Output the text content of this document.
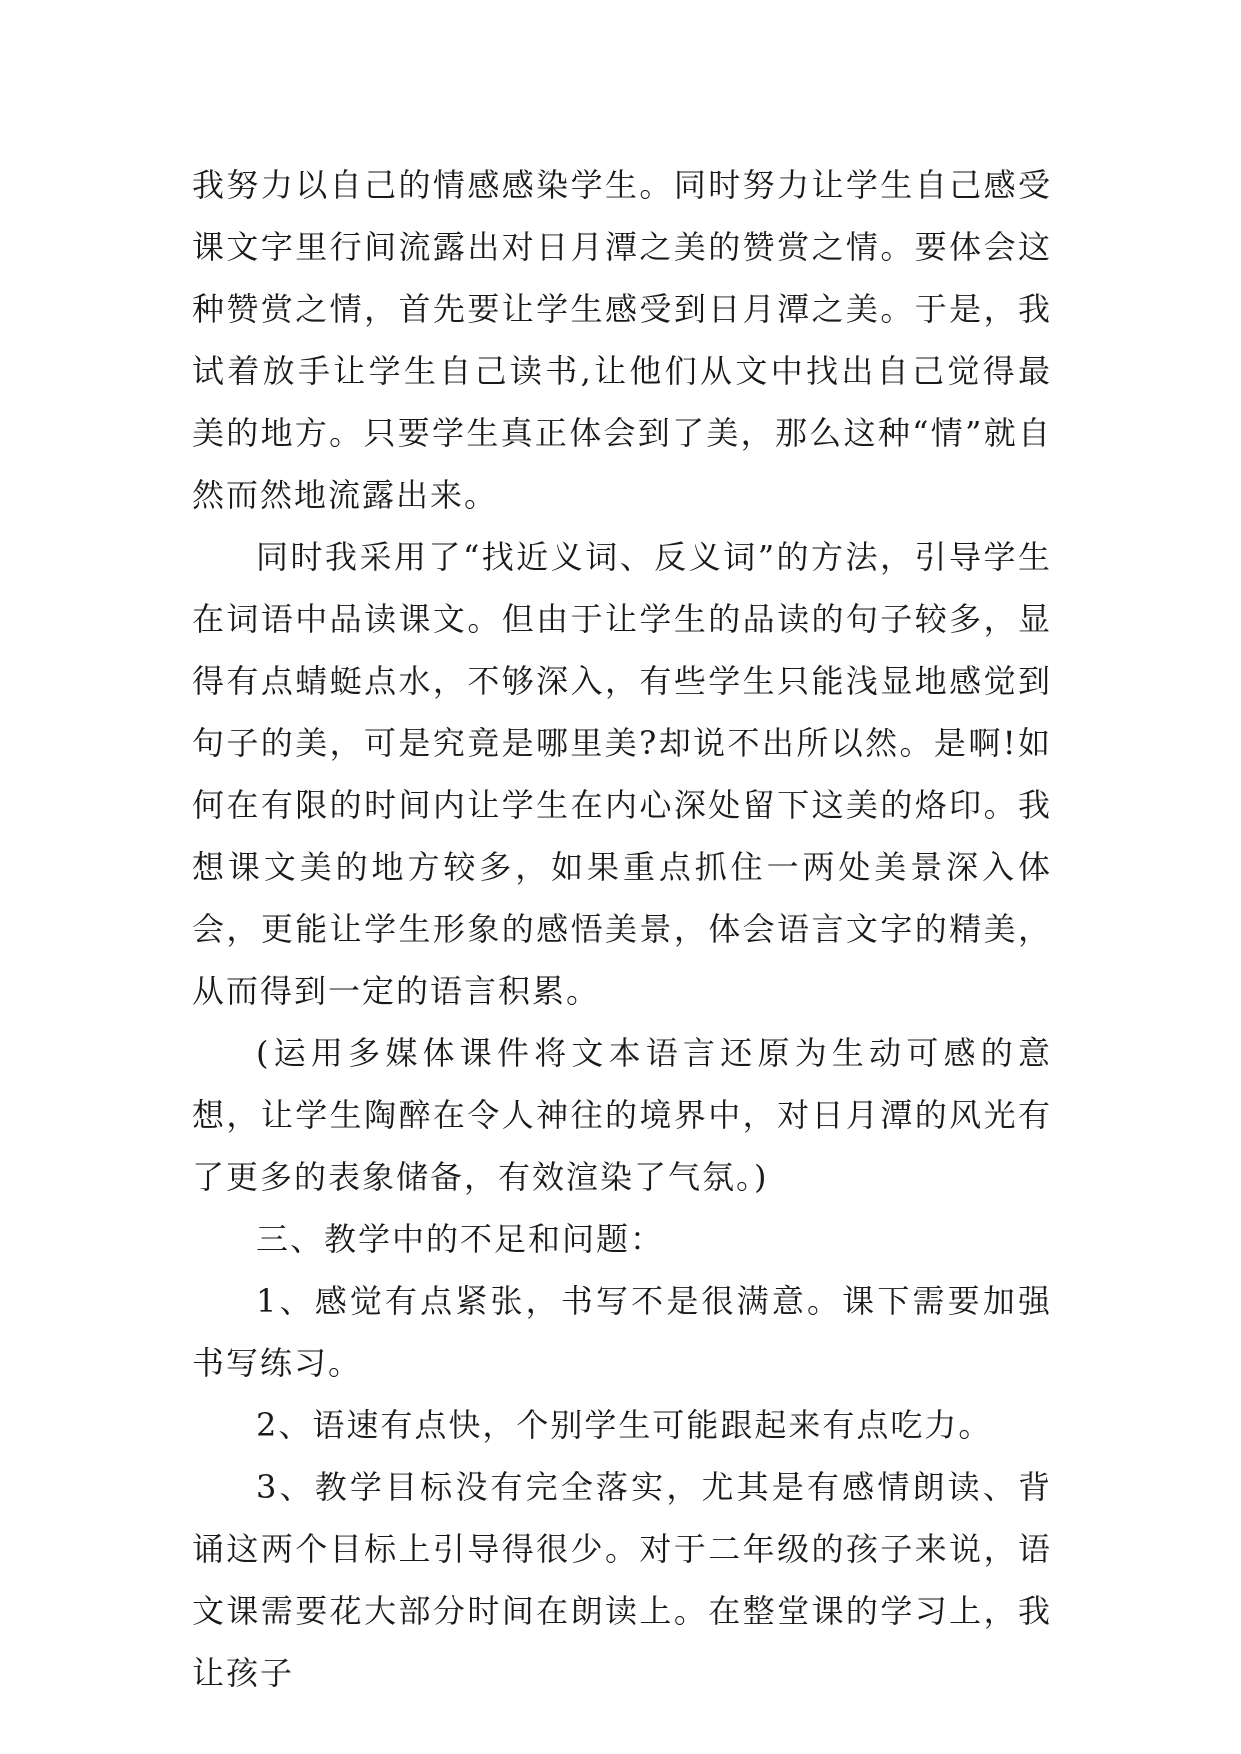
我努力以自己的情感感染学生。同时努力让学生自己感受课文字里行间流露出对日月潭之美的赞赏之情。要体会这种赞赏之情，首先要让学生感受到日月潭之美。于是，我试着放手让学生自己读书,让他们从文中找出自己觉得最美的地方。只要学生真正体会到了美，那么这种“情”就自然而然地流露出来。

同时我采用了“找近义词、反义词”的方法，引导学生在词语中品读课文。但由于让学生的品读的句子较多，显得有点蜻蜓点水，不够深入，有些学生只能浅显地感觉到句子的美，可是究竟是哪里美?却说不出所以然。是啊!如何在有限的时间内让学生在内心深处留下这美的烙印。我想课文美的地方较多，如果重点抓住一两处美景深入体会，更能让学生形象的感悟美景，体会语言文字的精美，从而得到一定的语言积累。

(运用多媒体课件将文本语言还原为生动可感的意想，让学生陶醉在令人神往的境界中，对日月潭的风光有了更多的表象储备，有效渲染了气氛。)

三、教学中的不足和问题：

1、感觉有点紧张，书写不是很满意。课下需要加强书写练习。

2、语速有点快，个别学生可能跟起来有点吃力。

3、教学目标没有完全落实，尤其是有感情朗读、背诵这两个目标上引导得很少。对于二年级的孩子来说，语文课需要花大部分时间在朗读上。在整堂课的学习上，我让孩子
